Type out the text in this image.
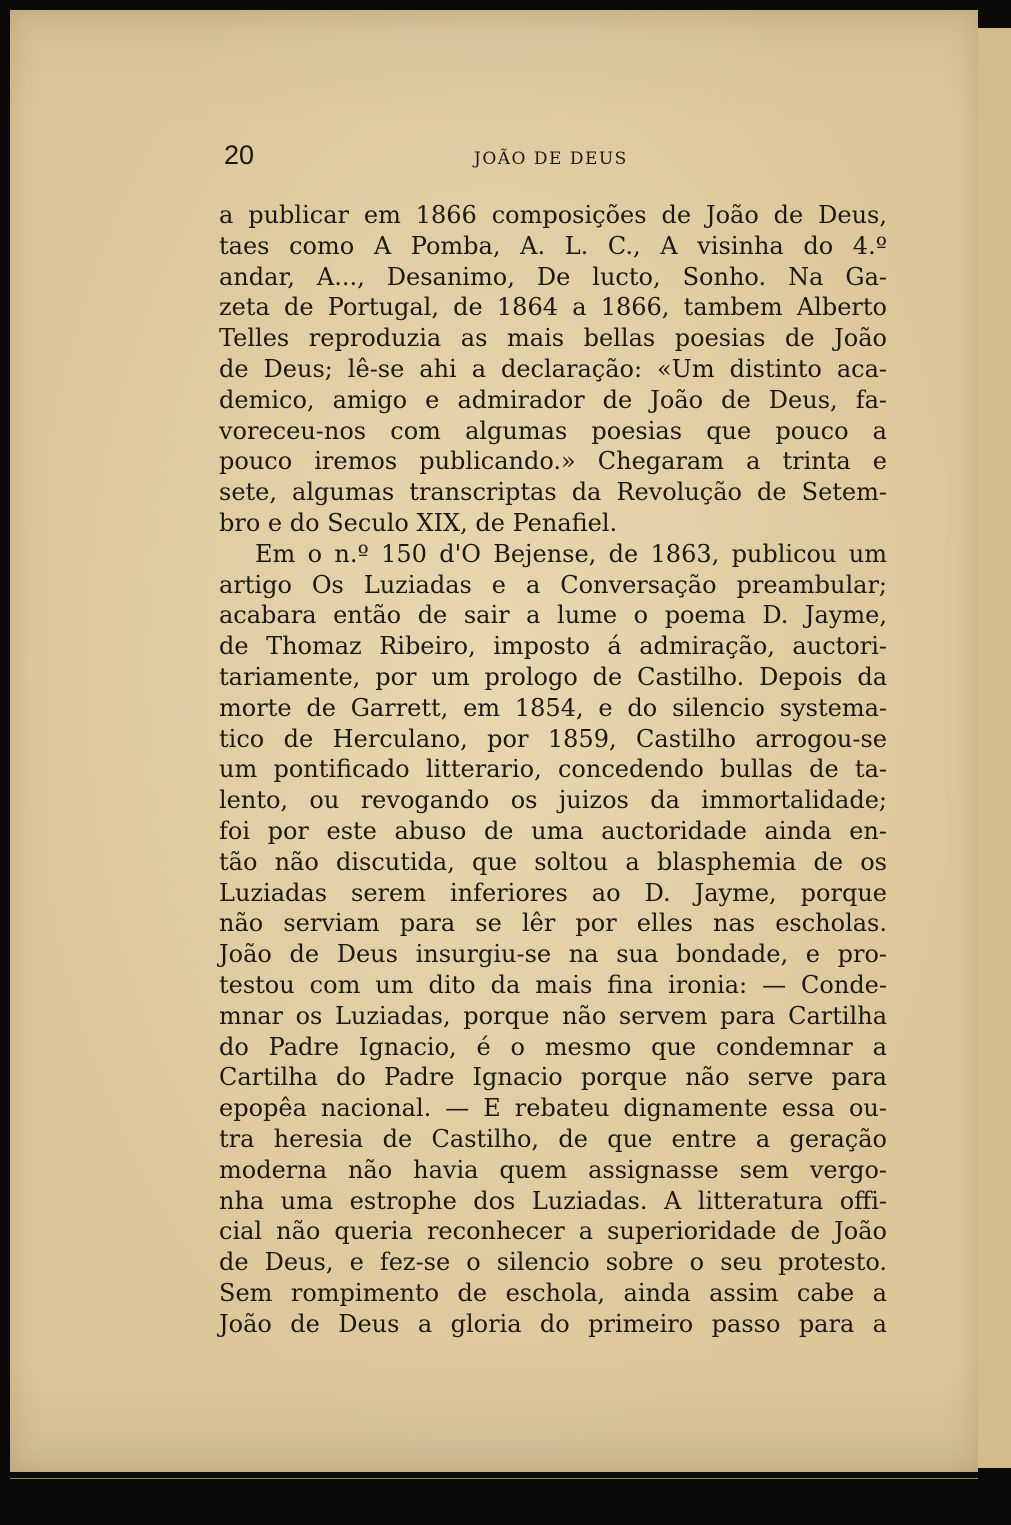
20	JOÃO DE DEUS
a publicar em 1866 composições de João de Deus,
taes como A Pomba, A. L. C., A visinha do 4.º
andar, A..., Desanimo, De lucto, Sonho. Na Ga-
zeta de Portugal, de 1864 a 1866, tambem Alberto
Telles reproduzia as mais bellas poesias de João
de Deus; lê-se ahi a declaração: «Um distinto aca-
demico, amigo e admirador de João de Deus, fa-
voreceu-nos com algumas poesias que pouco a
pouco iremos publicando.» Chegaram a trinta e
sete, algumas transcriptas da Revolução de Setem-
bro e do Seculo XIX, de Penafiel.
Em o n.º 150 d'O Bejense, de 1863, publicou um
artigo Os Luziadas e a Conversação preambular;
acabara então de sair a lume o poema D. Jayme,
de Thomaz Ribeiro, imposto á admiração, auctori-
tariamente, por um prologo de Castilho. Depois da
morte de Garrett, em 1854, e do silencio systema-
tico de Herculano, por 1859, Castilho arrogou-se
um pontificado litterario, concedendo bullas de ta-
lento, ou revogando os juizos da immortalidade;
foi por este abuso de uma auctoridade ainda en-
tão não discutida, que soltou a blasphemia de os
Luziadas serem inferiores ao D. Jayme, porque
não serviam para se lêr por elles nas escholas.
João de Deus insurgiu-se na sua bondade, e pro-
testou com um dito da mais fina ironia: — Conde-
mnar os Luziadas, porque não servem para Cartilha
do Padre Ignacio, é o mesmo que condemnar a
Cartilha do Padre Ignacio porque não serve para
epopêa nacional. — E rebateu dignamente essa ou-
tra heresia de Castilho, de que entre a geração
moderna não havia quem assignasse sem vergo-
nha uma estrophe dos Luziadas. A litteratura offi-
cial não queria reconhecer a superioridade de João
de Deus, e fez-se o silencio sobre o seu protesto.
Sem rompimento de eschola, ainda assim cabe a
João de Deus a gloria do primeiro passo para a
